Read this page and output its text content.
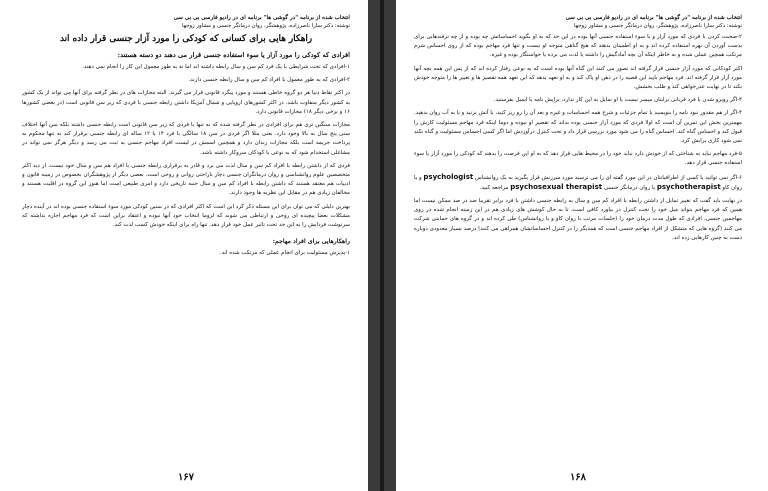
انتخاب شده از برنامه "در گوشی ها" برنامه ای در رادیو فارسی بی بی سی
نوشته: دکتر سارا ناصرزاده، پژوهشگر، روان درمانگر جنسی و مشاور زوجها
راهکار هایی برای کسانی که کودکی را مورد آزار جنسی قرار داده اند
افرادی که کودکی را مورد آزار یا سوء استفاده جنسی قرار می دهند دو دسته هستند:

۱-افرادی که تحت شرایطی با یک فرد کم سن و سال رابطه داشته اند اما نه به طور معمول این کار را انجام نمی دهند.

۲-افرادی که به طور معمول با افراد کم سن و سال رابطه جنسی دارند.

در اکثر نقاط دنیا هر دو گروه خاطی هستند و مورد پیگرد قانونی قرار می گیرند. البته مجازات های در نظر گرفته برای آنها می تواند از یک کشور به کشور دیگر متفاوت باشد. در اکثر کشورهای اروپایی و شمال آمریکا داشتن رابطه جنسی با فردی که زیر سن قانونی است (در بعضی کشورها ۱۶ و برخی دیگر ۱۸) مجازات قانونی دارد.

مجازات سنگین تری هم برای افرادی در نظر گرفته شده که نه تنها با فردی که زیر سن قانونی است رابطه جنسی داشته بلکه سن آنها اختلاف سنی پنج سال به بالا وجود دارد. بعنی مثلا اگر فردی در سن ۱۸ سالگی با فرد ۱۴ یا ۱۲ ساله ای رابطه جنسی برقرار کند نه تنها محکوم به پرداخت جریمه است بلکه مجازات زندان دارد و همچنین اسمش در لیست افراد مهاجم جنسی به ثبت می رسد و دیگر هرگز نمی تواند در مشاغلی استخدام شود که به نوعی با کودکان سروکار داشته باشد.

فردی که از داشتن رابطه با افراد کم سن و سال لذت می برد و قادر به برقراری رابطه جنسی با افراد هم سن و سال خود نیست، از دید اکثر متخصصین علوم روانشناسی و روان درمانگران جنسی دچار ناراحتی روانی و روحی است. بعضی دیگر از پژوهشگران بخصوص در زمینه قانون و ادبیات هم معتقد هستند که داشتن رابطه با افراد کم سن و سال جنبه تاریخی دارد و امری طبیعی است اما هنوز این گروه در اقلیت هستند و مخالفان زیادی هم در مقابل این نظریه ها وجود دارند.

بهترین دلیلی که می توان برای این مسئله ذکر کرد این است که اکثر افرادی که در سنین کودکی مورد سوء استفاده جنسی بوده اند در آینده دچار مشکلات بعضا پیچیده ای روحی و ارتباطی می شوند که لزوما انتخاب خود آنها نبوده و اعتقاد براین است که فرد مهاجم اجازه نداشته که سرنوشت فردایش را به این حد تحت تاثیر عمل خود قرار دهد. تنها راه برای اینکه خودش کسب لذت کند.

راهکارهایی برای افراد مهاجم:

۱-پذیرش مسئولیت برای انجام عملی که مرتکب شده اند.

۱۶۷
انتخاب شده از برنامه "در گوشی ها" برنامه ای در رادیو فارسی بی بی سی
نوشته: دکتر سارا ناصرزاده، پژوهشگر، روان درمانگر جنسی و مشاور زوجها

۲-صحبت کردن با فردی که مورد آزار و یا سوء استفاده جنسی آنها بوده در این حد که به او بگوید احساساتش چه بوده و از چه ترفندهایی برای بدست آوردن آن بهره استفاده کرده اند و به او اطمینان بدهند که هیچ گناهی متوجه او نیست و تنها فرد مهاجم بوده که از روی احساس شرم مرتکب همچین عملی شده و به خاطر اینکه آن بچه آمادگیش را داشته یا لذت می برده یا خواستگار بوده و غیره.

اکثر کودکانی که مورد آزار جنسی قرار گرفته اند تصور می کنند این گناه آنها بوده است که به نوعی رفتار کرده اند که از پس این همه بچه آنها مورد آزار قرار گرفته اند. فرد مهاجم بایید این قضیه را در ذهن او پاک کند و به او تعهد بدهد که این تعهد همه تقصیر ها و تغییر ها را متوجه خودش بکند تا در نهایت عذرخواهی کند و طلب بخشش.

۳-اگر روبرو شدن با فرد قربانی برایتان میسر نیست یا او تمایل به این کار ندارد، برایش نامه یا ایمیل بفرستید.

۴-اگر از هم مقدور نبود نامه را بنویسید یا تمام جزئیات و شرح همه احساسات و غیره و بعد آن را رو ریز کنید، یا آتش بزنید و یا به آب روان بدهید. مهمترین بخش این تمرین آن است که اولا فردی که مورد آزار جنسی بوده بداند که تقصیر او نبوده و دوما اینکه فرد مهاجم مسئولیت کارش را قبول کند و احساس گناه کند. احساس گناه را می شود مورد بررسی قرار داد و تحت کنترل درآوردش اما اگر کسی احساس مسئولیت و گناه نکند نمی شود کاری برایش کرد.

۵-فرد مهاجم نباید به شناختی که از خودش دارد نباید خود را در محیط هایی قرار دهد که به او این فرصت را بدهند که کودکی را مورد آزار یا سوء استفاده جنسی قرار دهد.

۶-اگر نمی توانید یا کسی از اطرافیانتان در این مورد گفته ای را می نرسید مورد سرزنش قرار بگیرید به یک روانشناس psychologist و یا روان کاو psychotherapist یا روان درمانگر جنسی psychosexual therapist مراجعه کنید.

در نهایت باید گفت که تغییر تمایل از داشتن رابطه با افراد کم سن و سال به رابطه جنسی داشتن با فرد برابر تقریبا صد در صد ممکن نیست اما همین که فرد مهاجم بتواند میل خود را تحت کنترل در بیاورد کافی است، تا به حال کوشش های زیادی هم در این زمینه انجام شده در روی مهاجمین جنسی، افرادی که طول مدت درمان خود را (جلسات مرتب با روان کاو و یا روانشناس) طی کرده اند و در گروه های حمایتی شرکت می کنند (گروه هایی که متشکل از افراد مهاجم جنسی است که همدیگر را در کنترل احساساتشان همراهی می کنند) درصد بسیار معدودی دوباره دست به چنین کارهایی زده اند.

۱۶۸
